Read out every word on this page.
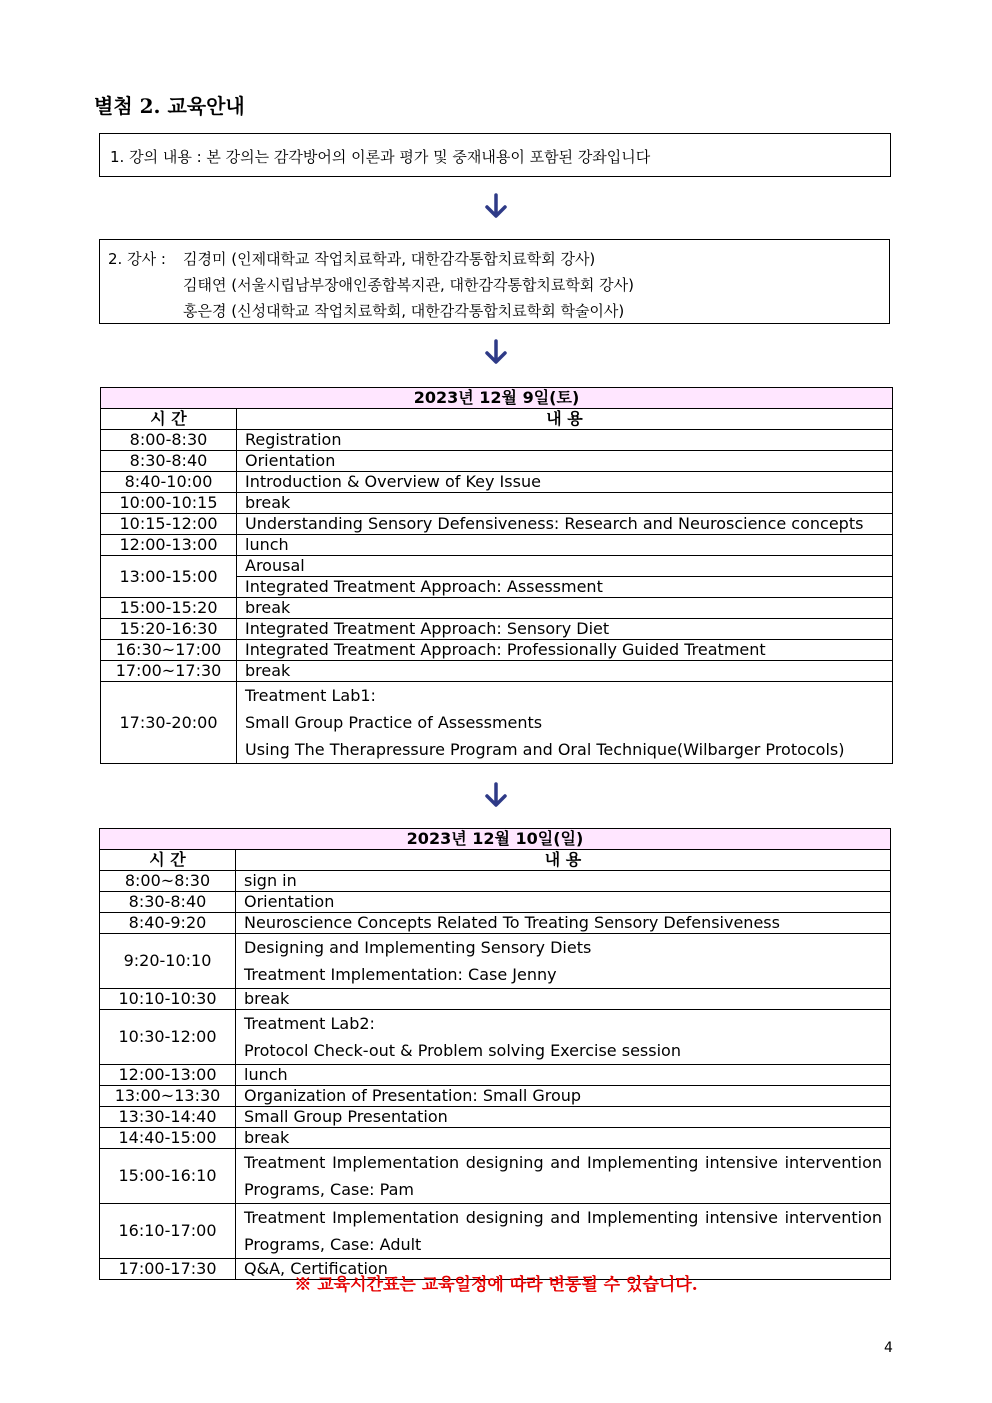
별첨 2. 교육안내
1. 강의 내용 : 본 강의는 감각방어의 이론과 평가 및 중재내용이 포함된 강좌입니다
2. 강사 :	김경미 (인제대학교 작업치료학과, 대한감각통합치료학회 강사)
김태연 (서울시립남부장애인종합복지관, 대한감각통합치료학회 강사)
홍은경 (신성대학교 작업치료학회, 대한감각통합치료학회 학술이사)
2023년 12월 9일(토)	
시 간	내 용
8:00-8:30	Registration

8:30-8:40	Orientation

8:40-10:00	Introduction & Overview of Key Issue

10:00-10:15	break

10:15-12:00	Understanding Sensory Defensiveness: Research and Neuroscience concepts

12:00-13:00	lunch

13:00-15:00	Arousal
	Integrated Treatment Approach: Assessment
15:00-15:20	break

15:20-16:30	Integrated Treatment Approach: Sensory Diet

16:30~17:00	Integrated Treatment Approach: Professionally Guided Treatment

17:00~17:30	break

17:30-20:00	Treatment Lab1:
Small Group Practice of Assessments
Using The Therapressure Program and Oral Technique(Wilbarger Protocols)
2023년 12월 10일(일)	
시 간	내 용
8:00~8:30	sign in

8:30-8:40	Orientation

8:40-9:20	Neuroscience Concepts Related To Treating Sensory Defensiveness

9:20-10:10	Designing and Implementing Sensory Diets
Treatment Implementation: Case Jenny

10:10-10:30	break

10:30-12:00	Treatment Lab2:
Protocol Check-out & Problem solving Exercise session

12:00-13:00	lunch

13:00~13:30	Organization of Presentation: Small Group

13:30-14:40	Small Group Presentation

14:40-15:00	break

15:00-16:10	Treatment Implementation designing and Implementing intensive intervention
Programs, Case: Pam

16:10-17:00	Treatment Implementation designing and Implementing intensive intervention
Programs, Case: Adult

17:00-17:30	Q&A, Certification
※ 교육시간표는 교육일정에 따라 변동될 수 있습니다.
4
